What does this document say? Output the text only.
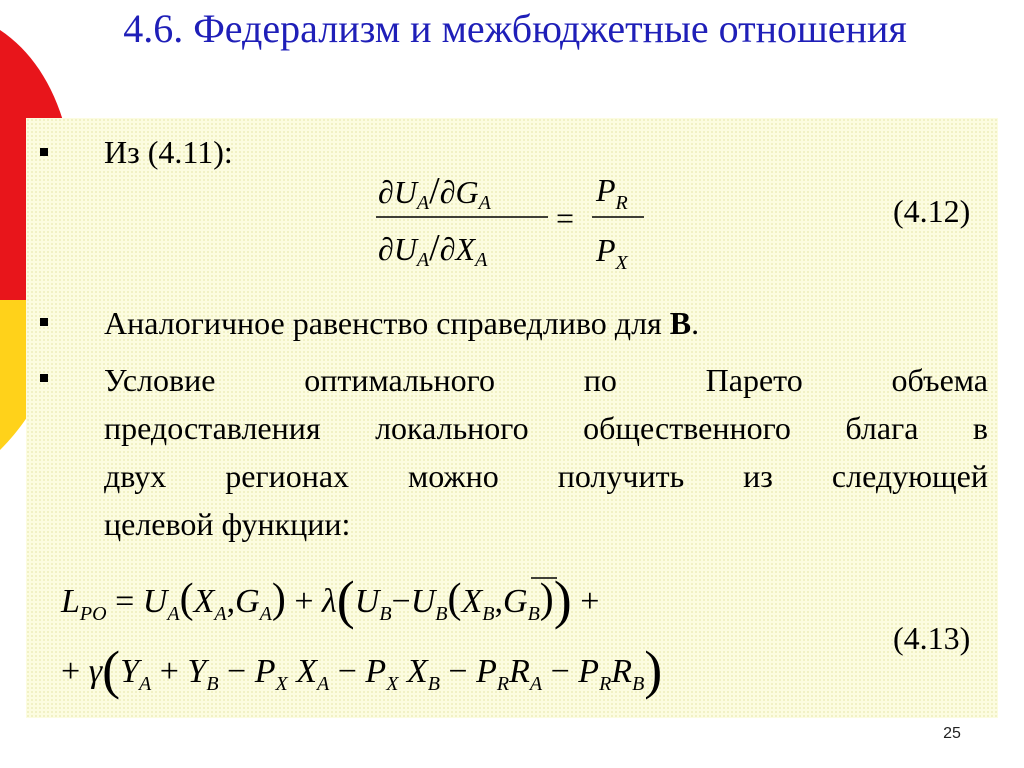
4.6. Федерализм и межбюджетные отношения
Из (4.11):
∂UA/∂GA
∂UA/∂XA
=
$P_R$
$P_X$
(4.12)
Аналогичное равенство справедливо для B.
Условие оптимального по Парето объема
предоставления локального общественного блага в
двух регионах можно получить из следующей
целевой функции:
$L_{PO} = U_A(X_A,G_A) + \lambda(U_B-U_B(X_B,G_B))$ +
+ $\gamma(Y_A + Y_B - P_X$ $X_A - P_X$ $X_B - P_RR_A - P_RR_B$)
(4.13)
25
